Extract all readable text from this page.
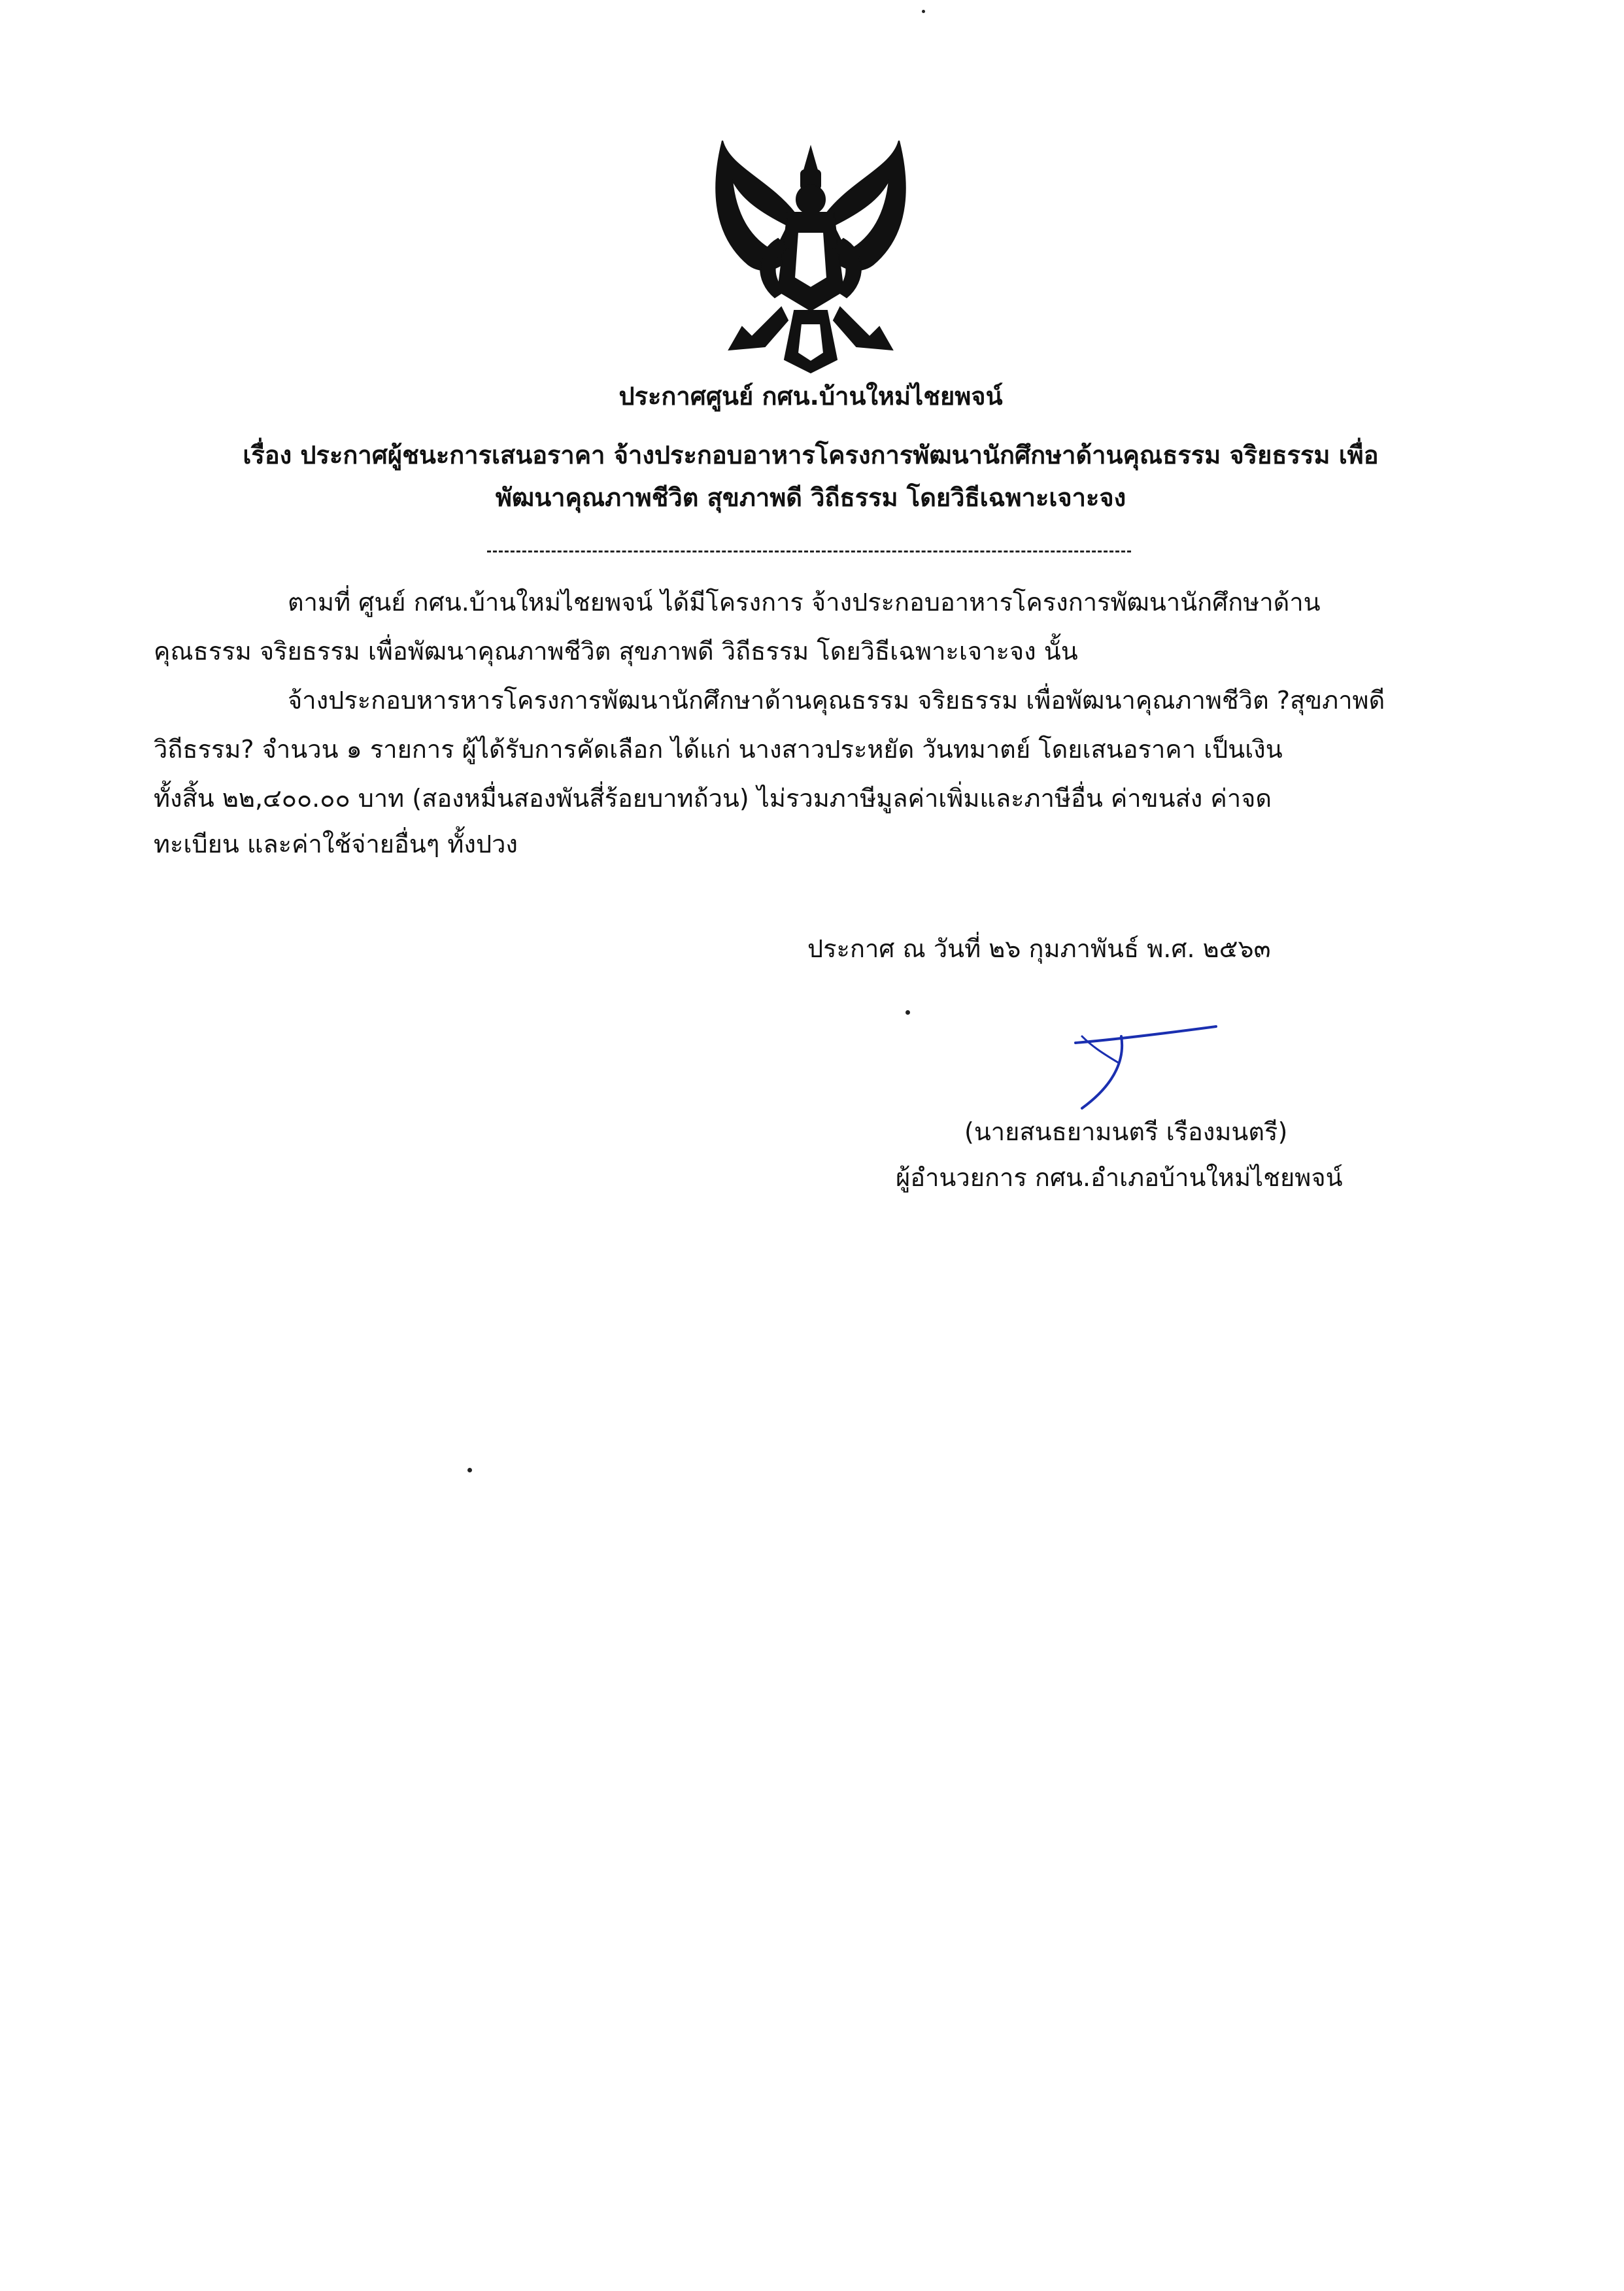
ประกาศศูนย์ กศน.บ้านใหม่ไชยพจน์
เรื่อง ประกาศผู้ชนะการเสนอราคา จ้างประกอบอาหารโครงการพัฒนานักศึกษาด้านคุณธรรม จริยธรรม เพื่อ
พัฒนาคุณภาพชีวิต สุขภาพดี วิถีธรรม โดยวิธีเฉพาะเจาะจง
ตามที่ ศูนย์ กศน.บ้านใหม่ไชยพจน์ ได้มีโครงการ จ้างประกอบอาหารโครงการพัฒนานักศึกษาด้าน
คุณธรรม จริยธรรม เพื่อพัฒนาคุณภาพชีวิต สุขภาพดี วิถีธรรม โดยวิธีเฉพาะเจาะจง นั้น
จ้างประกอบหารหารโครงการพัฒนานักศึกษาด้านคุณธรรม จริยธรรม เพื่อพัฒนาคุณภาพชีวิต ?สุขภาพดี
วิถีธรรม? จำนวน ๑ รายการ ผู้ได้รับการคัดเลือก ได้แก่ นางสาวประหยัด วันทมาตย์ โดยเสนอราคา เป็นเงิน
ทั้งสิ้น ๒๒,๔๐๐.๐๐ บาท (สองหมื่นสองพันสี่ร้อยบาทถ้วน) ไม่รวมภาษีมูลค่าเพิ่มและภาษีอื่น ค่าขนส่ง ค่าจด
ทะเบียน และค่าใช้จ่ายอื่นๆ ทั้งปวง
ประกาศ ณ วันที่ ๒๖ กุมภาพันธ์ พ.ศ. ๒๕๖๓
(นายสนธยามนตรี เรืองมนตรี)
ผู้อำนวยการ กศน.อำเภอบ้านใหม่ไชยพจน์
